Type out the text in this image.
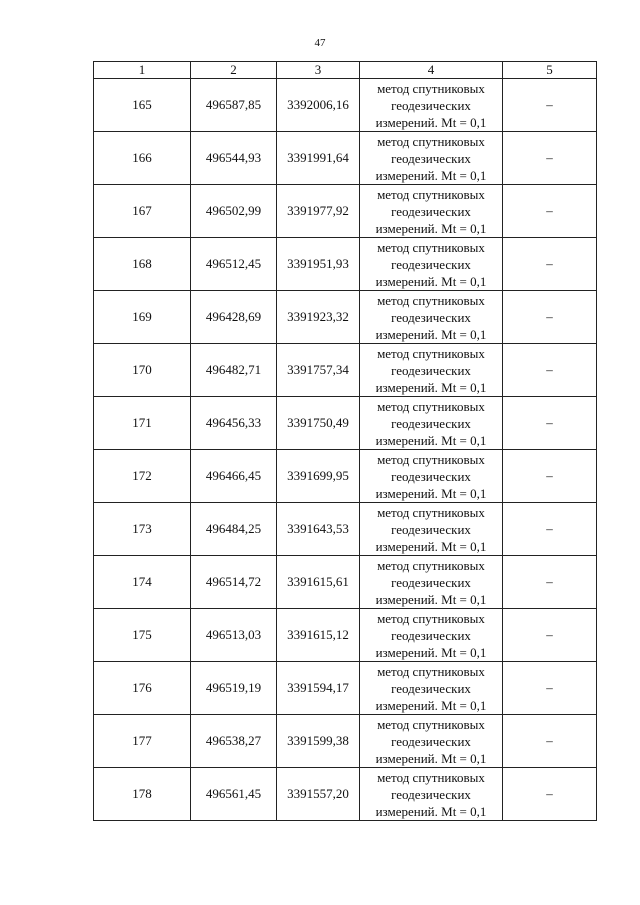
47
1	2	3	4	5
165	496587,85	3392006,16	метод спутниковых
геодезических
измерений. Mt = 0,1	–
166	496544,93	3391991,64	метод спутниковых
геодезических
измерений. Mt = 0,1	–
167	496502,99	3391977,92	метод спутниковых
геодезических
измерений. Mt = 0,1	–
168	496512,45	3391951,93	метод спутниковых
геодезических
измерений. Mt = 0,1	–
169	496428,69	3391923,32	метод спутниковых
геодезических
измерений. Mt = 0,1	–
170	496482,71	3391757,34	метод спутниковых
геодезических
измерений. Mt = 0,1	–
171	496456,33	3391750,49	метод спутниковых
геодезических
измерений. Mt = 0,1	–
172	496466,45	3391699,95	метод спутниковых
геодезических
измерений. Mt = 0,1	–
173	496484,25	3391643,53	метод спутниковых
геодезических
измерений. Mt = 0,1	–
174	496514,72	3391615,61	метод спутниковых
геодезических
измерений. Mt = 0,1	–
175	496513,03	3391615,12	метод спутниковых
геодезических
измерений. Mt = 0,1	–
176	496519,19	3391594,17	метод спутниковых
геодезических
измерений. Mt = 0,1	–
177	496538,27	3391599,38	метод спутниковых
геодезических
измерений. Mt = 0,1	–
178	496561,45	3391557,20	метод спутниковых
геодезических
измерений. Mt = 0,1	–
